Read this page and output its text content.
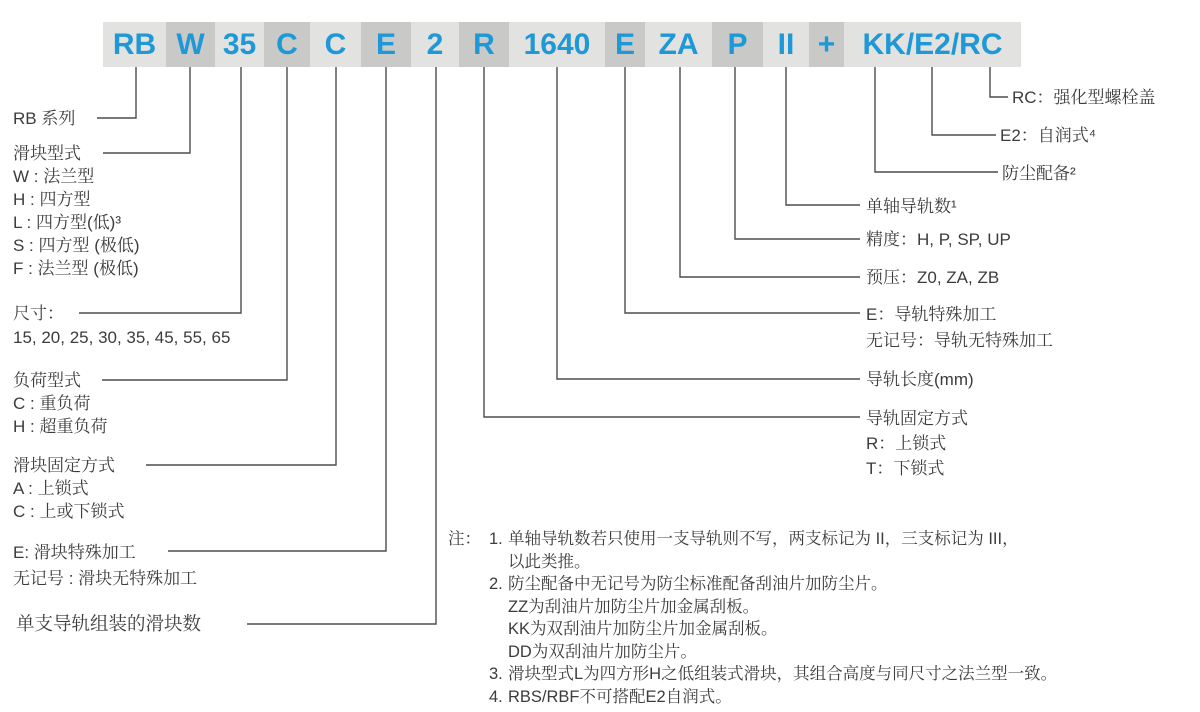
RB W 35 C C E	2 R 1640 E ZA P	II + KK/E2/RC
RB 系列
滑块型式
W : 法兰型
H : 四方型
L : 四方型(低)³
S : 四方型 (极低)
F : 法兰型 (极低)
尺寸：
15, 20, 25, 30, 35, 45, 55, 65
负荷型式
C : 重负荷
H : 超重负荷
滑块固定方式
A : 上锁式
C : 上或下锁式
E: 滑块特殊加工
无记号 : 滑块无特殊加工
单支导轨组装的滑块数
RC：强化型螺栓盖
E2：自润式⁴
防尘配备²
单轴导轨数¹
精度：H, P, SP, UP
预压：Z0, ZA, ZB
E：导轨特殊加工
无记号：导轨无特殊加工
导轨长度(mm)
导轨固定方式
R：上锁式
T：下锁式
注： 1. 单轴导轨数若只使用一支导轨则不写，两支标记为 II，三支标记为 III，
以此类推。
2. 防尘配备中无记号为防尘标准配备刮油片加防尘片。
ZZ为刮油片加防尘片加金属刮板。
KK为双刮油片加防尘片加金属刮板。
DD为双刮油片加防尘片。
3. 滑块型式L为四方形H之低组装式滑块，其组合高度与同尺寸之法兰型一致。
4. RBS/RBF不可搭配E2自润式。
